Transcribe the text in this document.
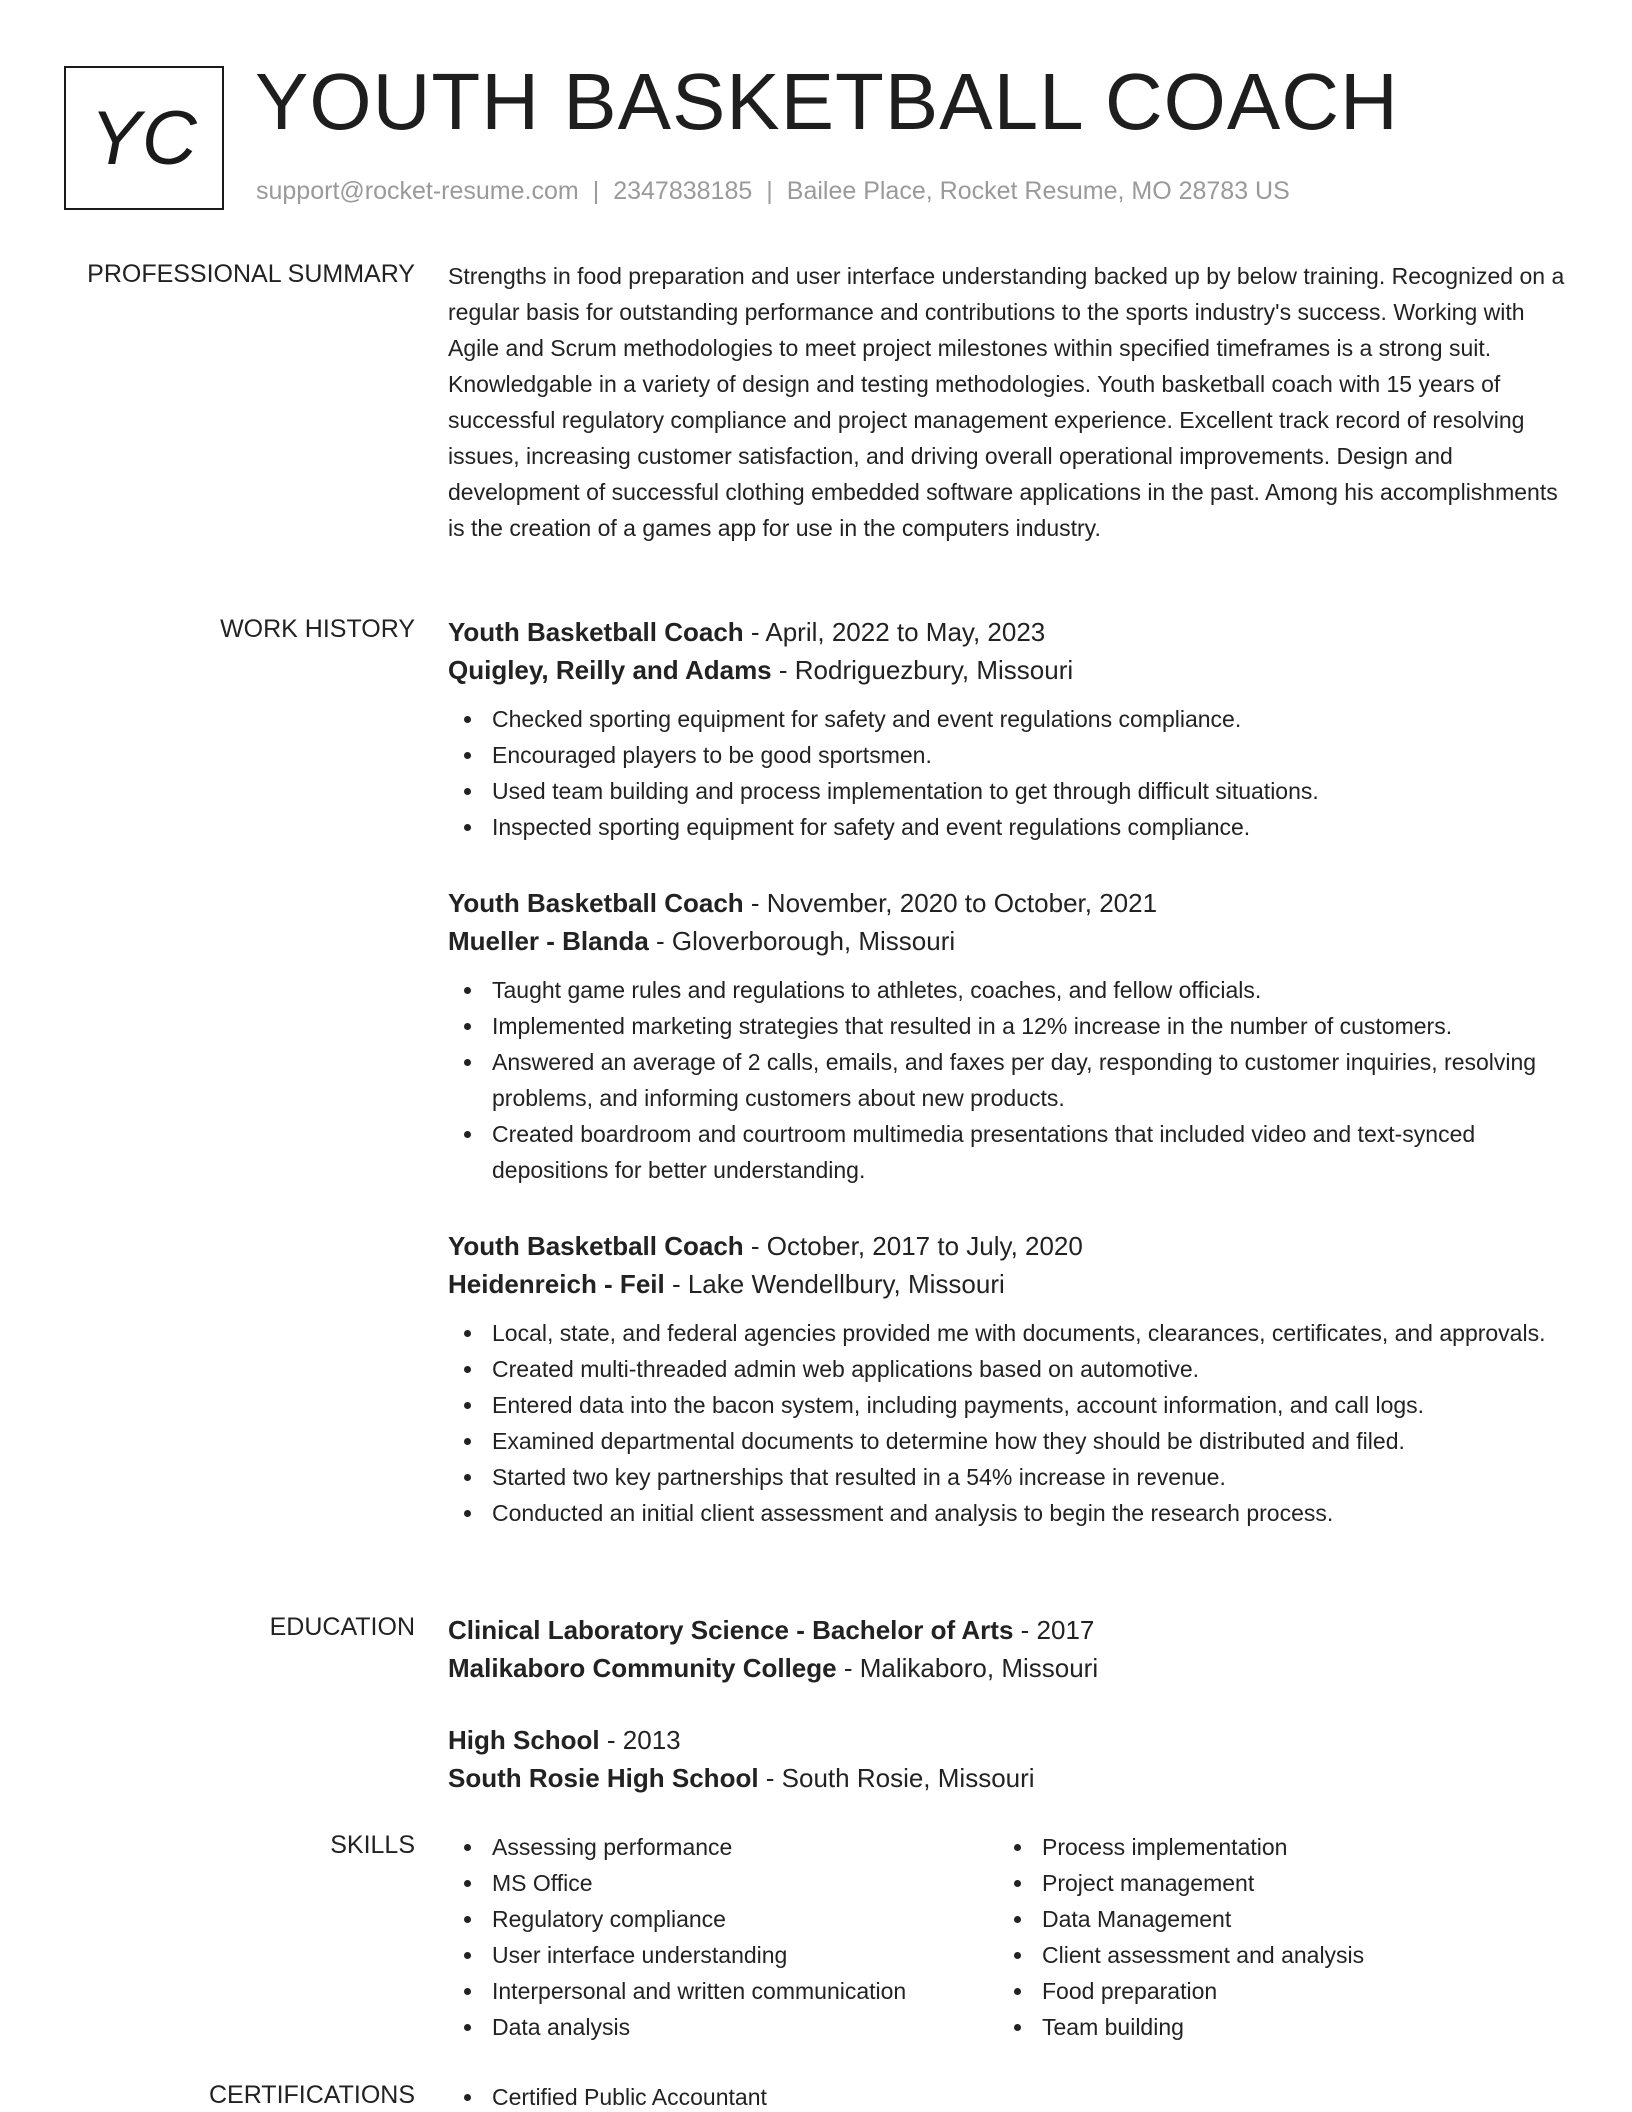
YC YOUTH BASKETBALL COACH
support@rocket-resume.com | 2347838185 | Bailee Place, Rocket Resume, MO 28783 US
PROFESSIONAL SUMMARY Strengths in food preparation and user interface understanding backed up by below training. Recognized on a regular basis for outstanding performance and contributions to the sports industry's success. Working with Agile and Scrum methodologies to meet project milestones within specified timeframes is a strong suit. Knowledgable in a variety of design and testing methodologies. Youth basketball coach with 15 years of successful regulatory compliance and project management experience. Excellent track record of resolving issues, increasing customer satisfaction, and driving overall operational improvements. Design and development of successful clothing embedded software applications in the past. Among his accomplishments is the creation of a games app for use in the computers industry.
WORK HISTORY Youth Basketball Coach - April, 2022 to May, 2023
Quigley, Reilly and Adams - Rodriguezbury, Missouri
Checked sporting equipment for safety and event regulations compliance.
Encouraged players to be good sportsmen.
Used team building and process implementation to get through difficult situations.
Inspected sporting equipment for safety and event regulations compliance.
Youth Basketball Coach - November, 2020 to October, 2021
Mueller - Blanda - Gloverborough, Missouri
Taught game rules and regulations to athletes, coaches, and fellow officials.
Implemented marketing strategies that resulted in a 12% increase in the number of customers.
Answered an average of 2 calls, emails, and faxes per day, responding to customer inquiries, resolving problems, and informing customers about new products.
Created boardroom and courtroom multimedia presentations that included video and text-synced depositions for better understanding.
Youth Basketball Coach - October, 2017 to July, 2020
Heidenreich - Feil - Lake Wendellbury, Missouri
Local, state, and federal agencies provided me with documents, clearances, certificates, and approvals.
Created multi-threaded admin web applications based on automotive.
Entered data into the bacon system, including payments, account information, and call logs.
Examined departmental documents to determine how they should be distributed and filed.
Started two key partnerships that resulted in a 54% increase in revenue.
Conducted an initial client assessment and analysis to begin the research process.
EDUCATION Clinical Laboratory Science - Bachelor of Arts - 2017
Malikaboro Community College - Malikaboro, Missouri
High School - 2013
South Rosie High School - South Rosie, Missouri
SKILLS	Assessing performance
MS Office
Regulatory compliance
User interface understanding
Interpersonal and written communication
Data analysis
Process implementation
Project management
Data Management
Client assessment and analysis
Food preparation
Team building
CERTIFICATIONS	Certified Public Accountant
